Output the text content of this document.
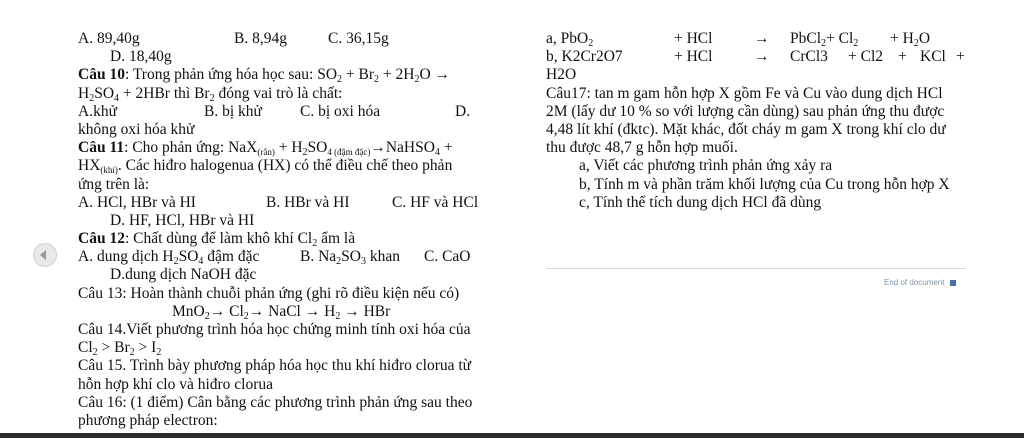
A. 89,40g	B. 8,94g	C. 36,15g
D. 18,40g
Câu 10: Trong phản ứng hóa học sau: $SO_2 + Br_2 + 2H_2O$ →
$H_2SO_4 + 2HBr$ thì $Br_2$ đóng vai trò là chất:
A.khử	B. bị khử C. bị oxi hóa	D.
không oxi hóa khử
Câu 11: Cho phản ứng: $NaX_{(rắn)} + H_2SO_{4 (đậm đặc)}\to NaHSO_4$ +
$HX_{(khí)}$. Các hiđro halogenua (HX) có thể điều chế theo phản
ứng trên là:
A. HCl, HBr và HI	B. HBr và HI	C. HF và HCl
D. HF, HCl, HBr và HI
Câu 12: Chất dùng để làm khô khí $Cl_2$ ẩm là
A. dung dịch $H_2SO_4$ đậm đặc	B. $Na_2SO_3$ khan C. CaO
D.dung dịch NaOH đặc
Câu 13: Hoàn thành chuỗi phản ứng (ghi rõ điều kiện nếu có)
$MnO_2\to Cl_2\to$ NaCl → $H_2$ → HBr
Câu 14.Viết phương trình hóa học chứng minh tính oxi hóa của
$Cl_2 > Br_2 > I_2$
Câu 15. Trình bày phương pháp hóa học thu khí hiđro clorua từ
hỗn hợp khí clo và hiđro clorua
Câu 16: (1 điểm) Cân bằng các phương trình phản ứng sau theo
phương pháp electron:
a, PbO$_2$	+ HCl	→	PbCl$_2$+ $Cl_2$	+ $H_2O$
b, K2Cr2O7	+ HCl	→	CrCl3	+ Cl2 + KCl +
H2O
Câu17: tan m gam hỗn hợp X gồm Fe và Cu vào dung dịch HCl
2M (lấy dư 10 % so với lượng cần dùng) sau phản ứng thu được
4,48 lít khí (đktc). Mặt khác, đốt cháy m gam X trong khí clo dư
thu được 48,7 g hỗn hợp muối.
a, Viết các phương trình phản ứng xảy ra
b, Tính m và phần trăm khối lượng của Cu trong hỗn hợp X
c, Tính thể tích dung dịch HCl đã dùng
End of document
